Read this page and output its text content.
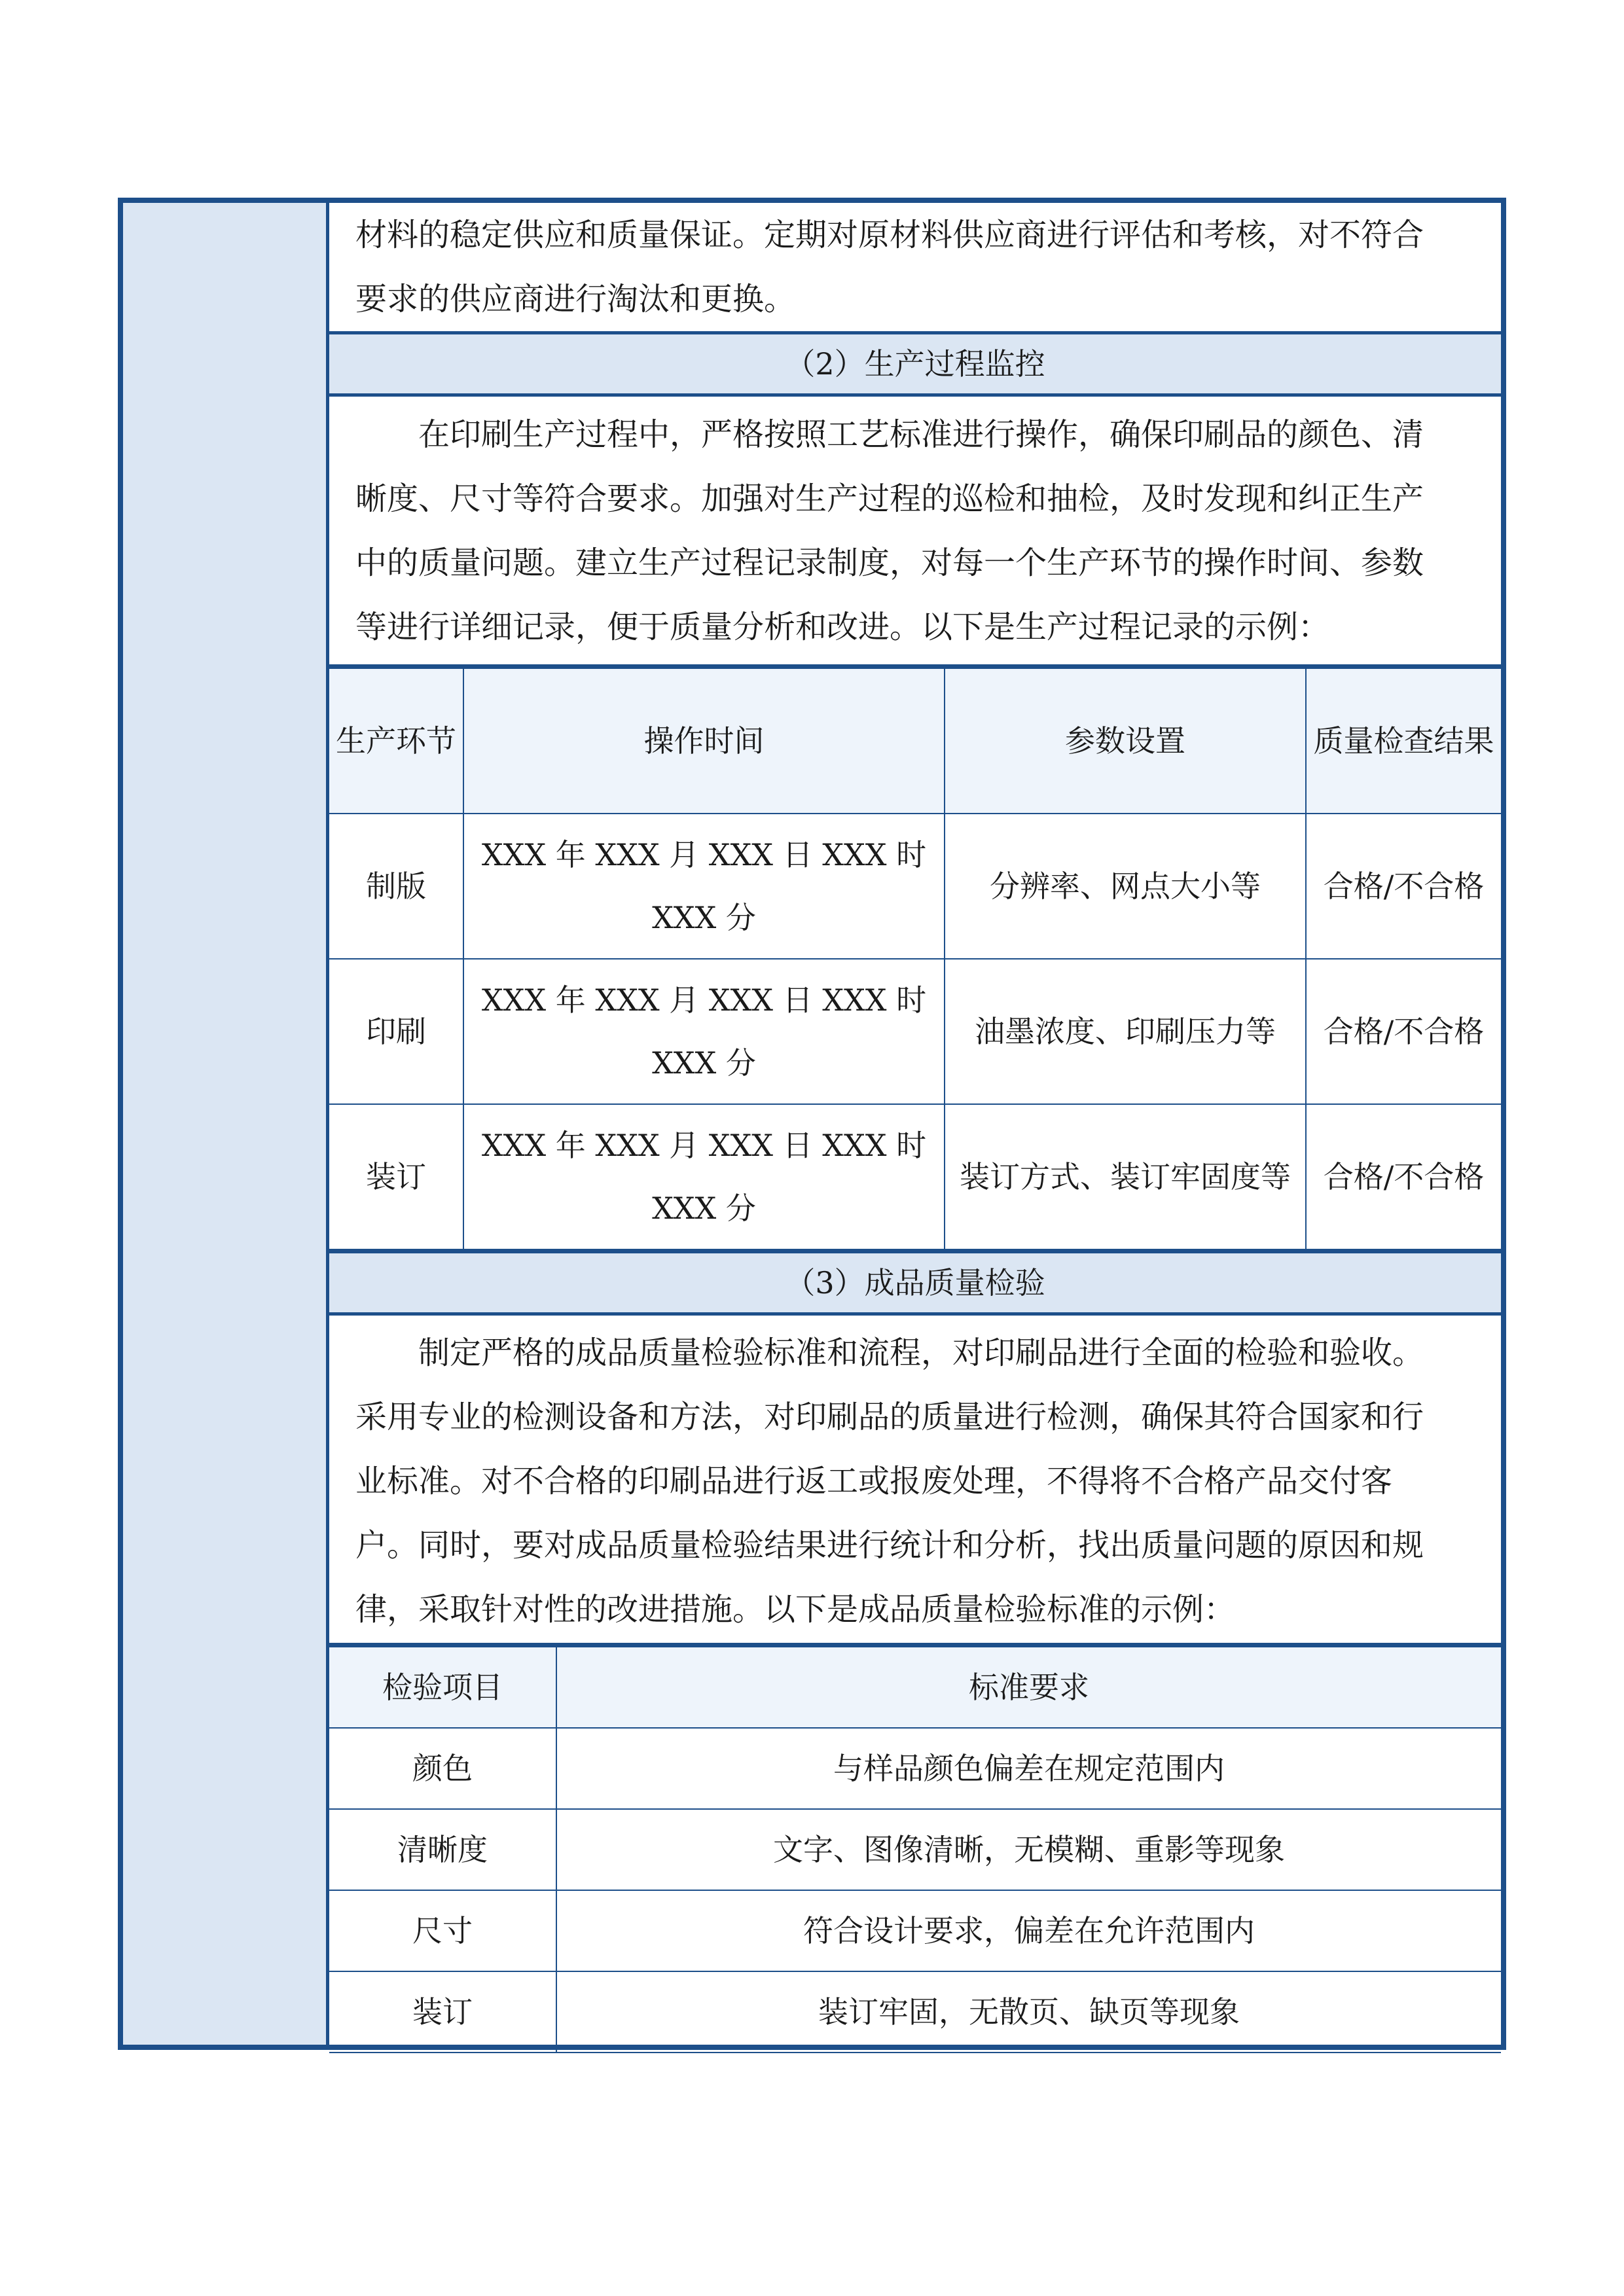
材料的稳定供应和质量保证。定期对原材料供应商进行评估和考核，对不符合
要求的供应商进行淘汰和更换。
（2）生产过程监控
在印刷生产过程中，严格按照工艺标准进行操作，确保印刷品的颜色、清
晰度、尺寸等符合要求。加强对生产过程的巡检和抽检，及时发现和纠正生产
中的质量问题。建立生产过程记录制度，对每一个生产环节的操作时间、参数
等进行详细记录，便于质量分析和改进。以下是生产过程记录的示例：
生产环节	操作时间	参数设置	质量检查结果
制版	XXX 年 XXX 月 XXX 日 XXX 时 XXX 分	分辨率、网点大小等	合格/不合格
印刷	XXX 年 XXX 月 XXX 日 XXX 时 XXX 分	油墨浓度、印刷压力等	合格/不合格
装订	XXX 年 XXX 月 XXX 日 XXX 时 XXX 分	装订方式、装订牢固度等	合格/不合格
（3）成品质量检验
制定严格的成品质量检验标准和流程，对印刷品进行全面的检验和验收。
采用专业的检测设备和方法，对印刷品的质量进行检测，确保其符合国家和行
业标准。对不合格的印刷品进行返工或报废处理，不得将不合格产品交付客
户。同时，要对成品质量检验结果进行统计和分析，找出质量问题的原因和规
律，采取针对性的改进措施。以下是成品质量检验标准的示例：
检验项目	标准要求
颜色	与样品颜色偏差在规定范围内
清晰度	文字、图像清晰，无模糊、重影等现象
尺寸	符合设计要求，偏差在允许范围内
装订	装订牢固，无散页、缺页等现象
